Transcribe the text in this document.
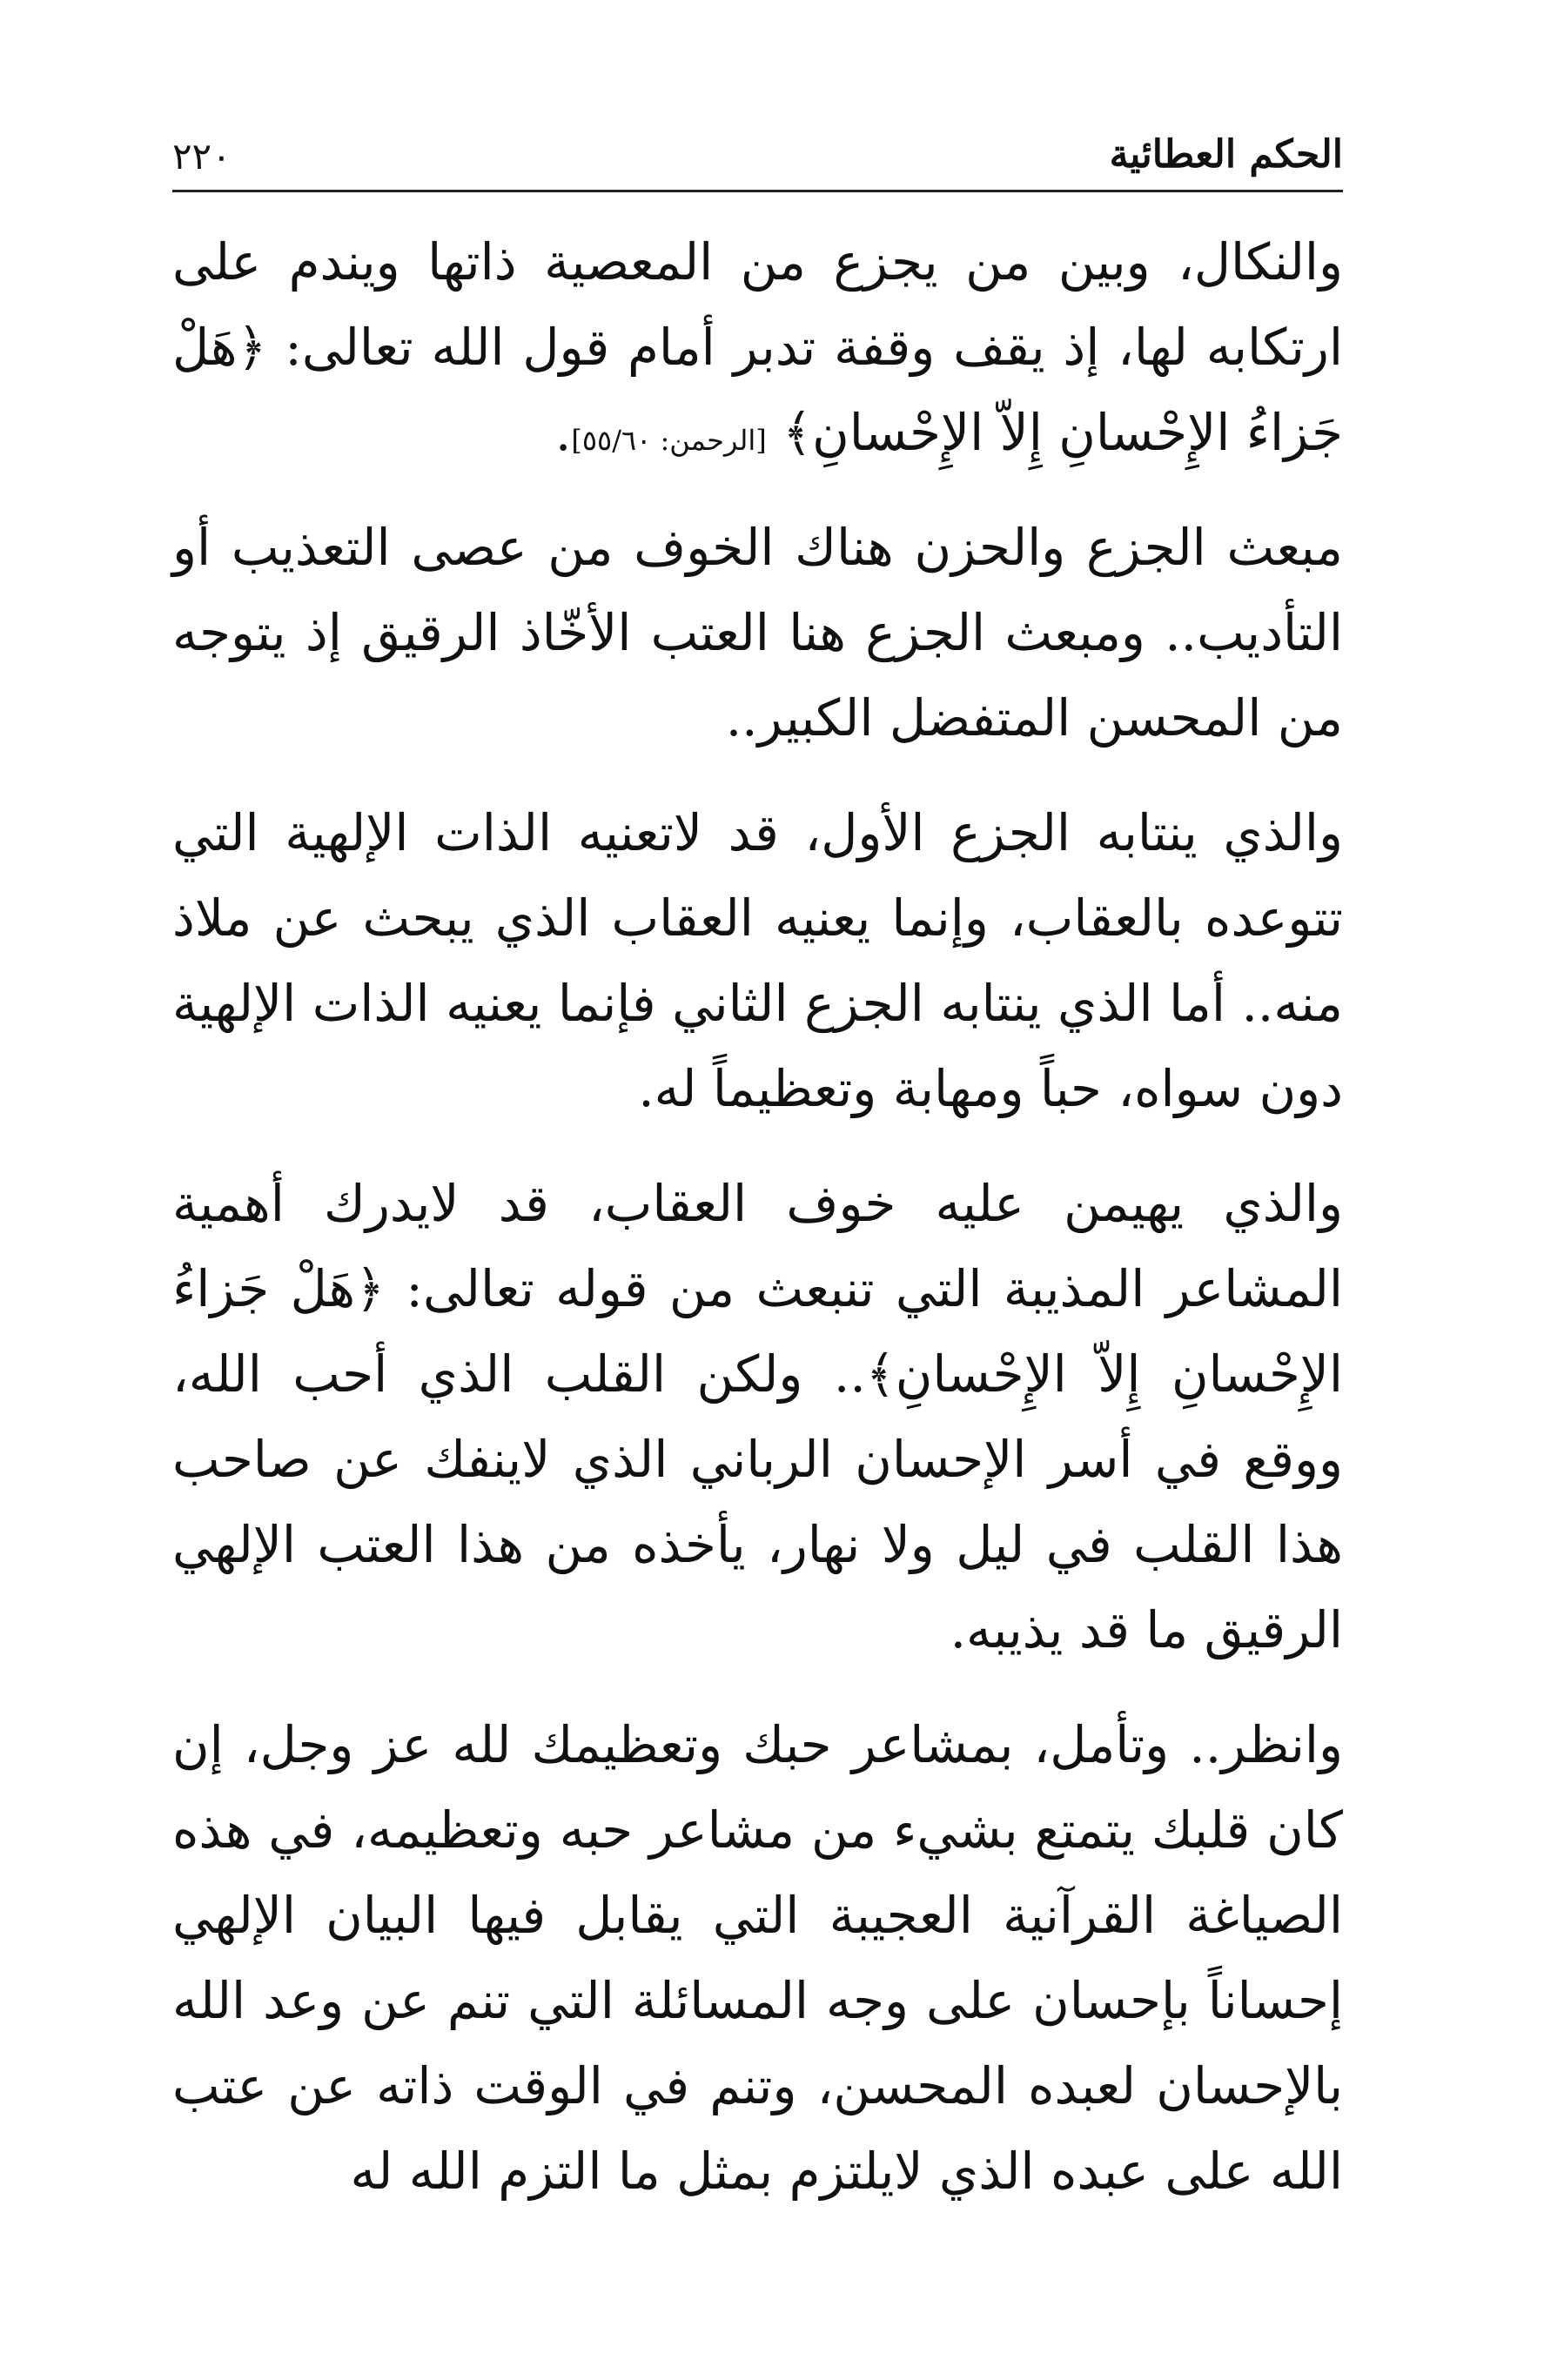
الحكم العطائية
٢٢٠

والنكال، وبين من يجزع من المعصية ذاتها ويندم على ارتكابه لها، إذ يقف وقفة تدبر أمام قول الله تعالى: ﴿هَلْ جَزاءُ الإِحْسانِ إِلاّ الإِحْسانِ﴾ [الرحمن: ٥٥/٦٠].

مبعث الجزع والحزن هناك الخوف من عصى التعذيب أو التأديب.. ومبعث الجزع هنا العتب الأخّاذ الرقيق إذ يتوجه من المحسن المتفضل الكبير..

والذي ينتابه الجزع الأول، قد لاتعنيه الذات الإلهية التي تتوعده بالعقاب، وإنما يعنيه العقاب الذي يبحث عن ملاذ منه.. أما الذي ينتابه الجزع الثاني فإنما يعنيه الذات الإلهية دون سواه، حباً ومهابة وتعظيماً له.

والذي يهيمن عليه خوف العقاب، قد لايدرك أهمية المشاعر المذيبة التي تنبعث من قوله تعالى: ﴿هَلْ جَزاءُ الإِحْسانِ إِلاّ الإِحْسانِ﴾.. ولكن القلب الذي أحب الله، ووقع في أسر الإحسان الرباني الذي لاينفك عن صاحب هذا القلب في ليل ولا نهار، يأخذه من هذا العتب الإلهي الرقيق ما قد يذيبه.

وانظر.. وتأمل، بمشاعر حبك وتعظيمك لله عز وجل، إن كان قلبك يتمتع بشيء من مشاعر حبه وتعظيمه، في هذه الصياغة القرآنية العجيبة التي يقابل فيها البيان الإلهي إحساناً بإحسان على وجه المسائلة التي تنم عن وعد الله بالإحسان لعبده المحسن، وتنم في الوقت ذاته عن عتب الله على عبده الذي لايلتزم بمثل ما التزم الله له
